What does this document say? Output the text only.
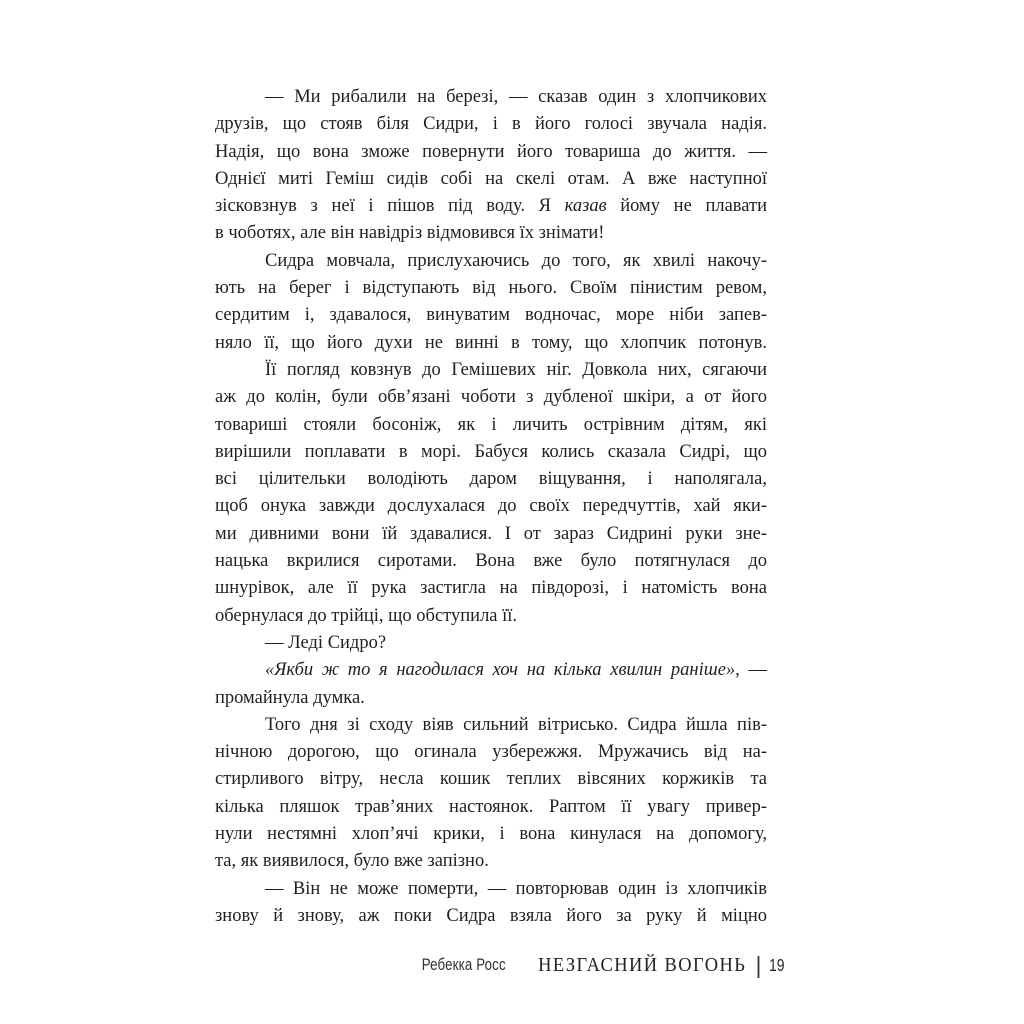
— Ми рибалили на березі, — сказав один з хлопчикових
друзів, що стояв біля Сидри, і в його голосі звучала надія.
Надія, що вона зможе повернути його товариша до життя. —
Однієї миті Геміш сидів собі на скелі отам. А вже наступної
зісковзнув з неї і пішов під воду. Я казав йому не плавати
в чоботях, але він навідріз відмовився їх знімати!
Сидра мовчала, прислухаючись до того, як хвилі накочу-
ють на берег і відступають від нього. Своїм пінистим ревом,
сердитим і, здавалося, винуватим водночас, море ніби запев-
няло її, що його духи не винні в тому, що хлопчик потонув.
Її погляд ковзнув до Гемішевих ніг. Довкола них, сягаючи
аж до колін, були обв’язані чоботи з дубленої шкіри, а от його
товариші стояли босоніж, як і личить острівним дітям, які
вирішили поплавати в морі. Бабуся колись сказала Сидрі, що
всі цілительки володіють даром віщування, і наполягала,
щоб онука завжди дослухалася до своїх передчуттів, хай яки-
ми дивними вони їй здавалися. І от зараз Сидрині руки зне-
нацька вкрилися сиротами. Вона вже було потягнулася до
шнурівок, але її рука застигла на півдорозі, і натомість вона
обернулася до трійці, що обступила її.
— Леді Сидро?
«Якби ж то я нагодилася хоч на кілька хвилин раніше», —
промайнула думка.
Того дня зі сходу віяв сильний вітрисько. Сидра йшла пів-
нічною дорогою, що огинала узбережжя. Мружачись від на-
стирливого вітру, несла кошик теплих вівсяних коржиків та
кілька пляшок трав’яних настоянок. Раптом її увагу привер-
нули нестямні хлоп’ячі крики, і вона кинулася на допомогу,
та, як виявилося, було вже запізно.
— Він не може померти, — повторював один із хлопчиків
знову й знову, аж поки Сидра взяла його за руку й міцно
Ребекка Росс НЕЗГАСНИЙ ВОГОНЬ | 19
